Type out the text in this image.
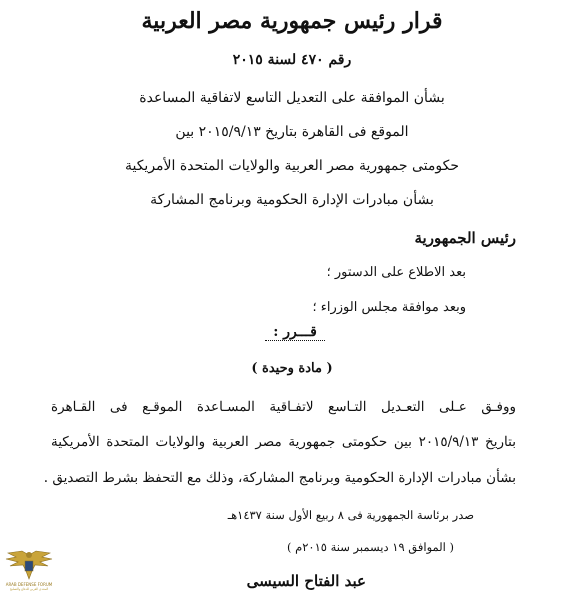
قرار رئيس جمهورية مصر العربية
رقم ٤٧٠ لسنة ٢٠١٥
بشأن الموافقة على التعديل التاسع لاتفاقية المساعدة
الموقع فى القاهرة بتاريخ ٢٠١٥/٩/١٣ بين
حكومتى جمهورية مصر العربية والولايات المتحدة الأمريكية
بشأن مبادرات الإدارة الحكومية وبرنامج المشاركة
رئيس الجمهورية
بعد الاطلاع على الدستور ؛
وبعد موافقة مجلس الوزراء ؛
قـــرر :
( مادة وحيدة )
ووفـق عـلى التعـديل التـاسع لاتفـاقية المسـاعدة الموقـع فى القـاهرة
بتاريخ ٢٠١٥/٩/١٣ بين حكومتى جمهورية مصر العربية والولايات المتحدة الأمريكية
بشأن مبادرات الإدارة الحكومية وبرنامج المشاركة، وذلك مع التحفظ بشرط التصديق .
صدر برئاسة الجمهورية فى ٨ ربيع الأول سنة ١٤٣٧هـ
( الموافق ١٩ ديسمبر سنة ٢٠١٥م )
عبد الفتاح السيسى
ARAB DEFENSE FORUM
المنتدى العربي للدفاع والتسليح
